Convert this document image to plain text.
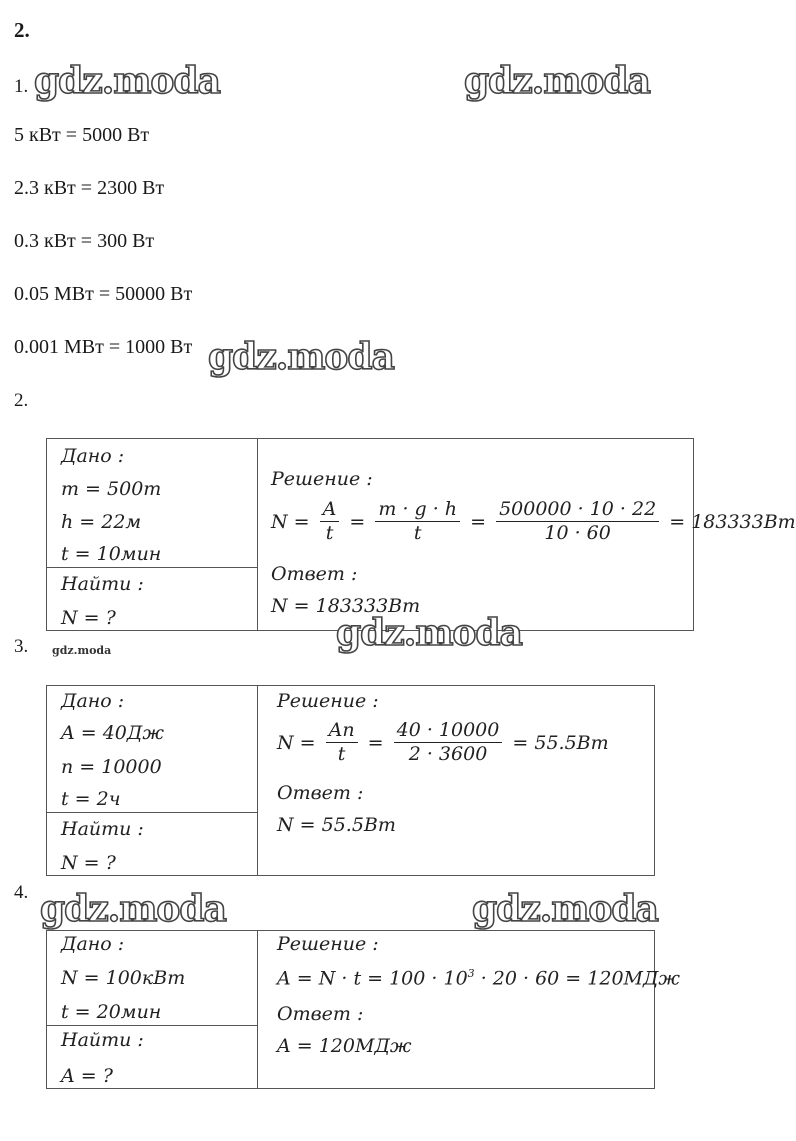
2.
1.
5 кВт = 5000 Вт
2.3 кВт = 2300 Вт
0.3 кВт = 300 Вт
0.05 МВт = 50000 Вт
0.001 МВт = 1000 Вт
2.
Дано :
m = 500т
h = 22м
t = 10мин
Найти :
N = ?
Решение :
$N = \frac{A}{t} = \frac{m \cdot g \cdot h}{t} = \frac{500000 \cdot 10 \cdot 22}{10 \cdot 60} = 183333Вт$
Ответ :
N = 183333Вт
3.
Дано :
A = 40Дж
n = 10000
t = 2ч
Найти :
N = ?
Решение :
$N = \frac{An}{t} = \frac{40 \cdot 10000}{2 \cdot 3600} = 55.5Вт$
Ответ :
N = 55.5Вт
4.
Дано :
N = 100кВт
t = 20мин
Найти :
A = ?
Решение :
$A = N \cdot t = 100 \cdot 10^3 \cdot 20 \cdot 60 = 120МДж$
Ответ :
A = 120МДж
gdz.moda	gdz.moda
gdz.moda
gdz.moda
gdz.moda
gdz.moda	gdz.moda
